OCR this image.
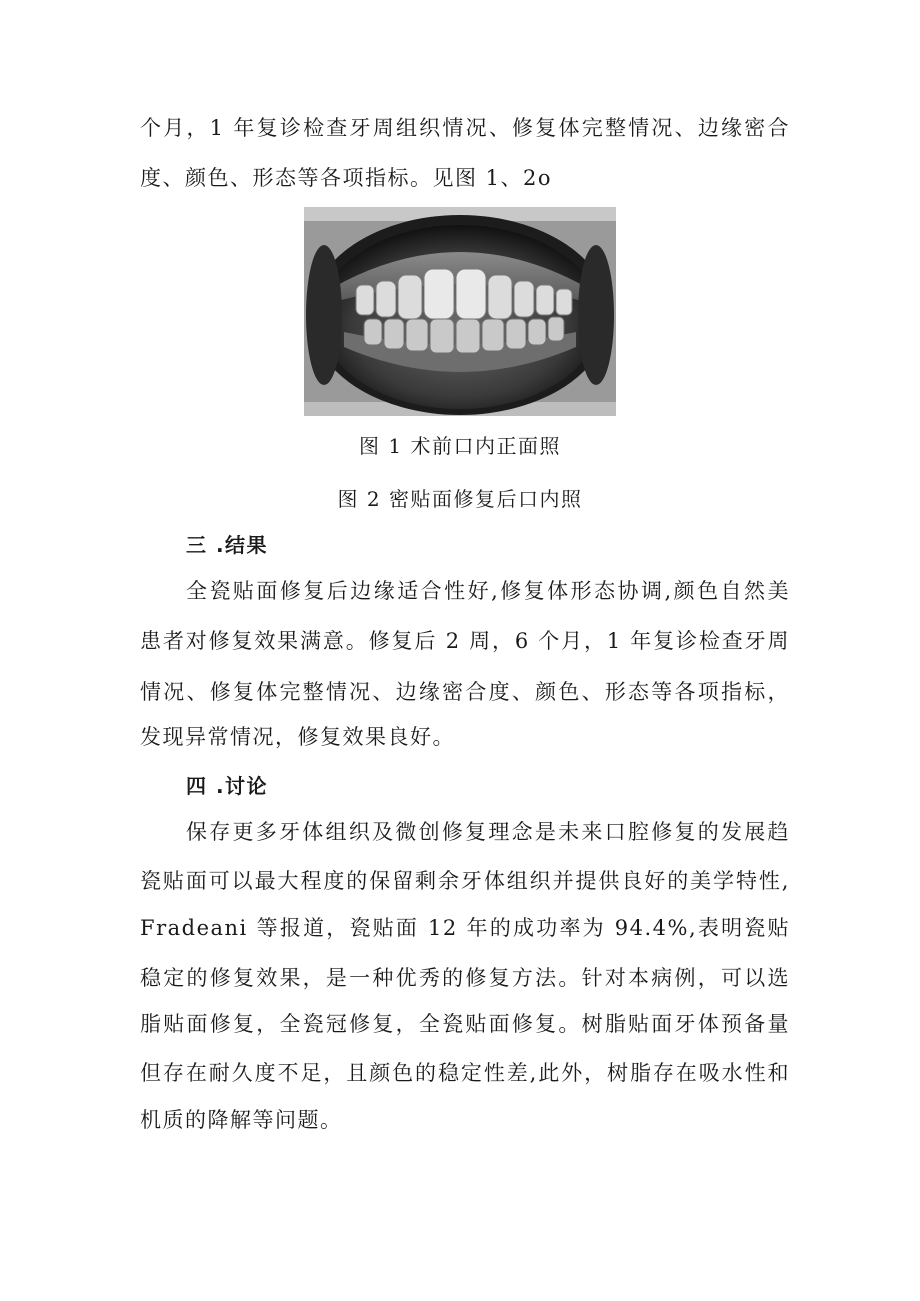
个月，1 年复诊检查牙周组织情况、修复体完整情况、边缘密合
度、颜色、形态等各项指标。见图 1、2o
图 1 术前口内正面照
图 2 密贴面修复后口内照
三 .结果
全瓷贴面修复后边缘适合性好,修复体形态协调,颜色自然美
患者对修复效果满意。修复后 2 周，6 个月，1 年复诊检查牙周
情况、修复体完整情况、边缘密合度、颜色、形态等各项指标，
发现异常情况，修复效果良好。
四 .讨论
保存更多牙体组织及微创修复理念是未来口腔修复的发展趋
瓷贴面可以最大程度的保留剩余牙体组织并提供良好的美学特性,
Fradeani 等报道，瓷贴面 12 年的成功率为 94.4%,表明瓷贴
稳定的修复效果，是一种优秀的修复方法。针对本病例，可以选
脂贴面修复，全瓷冠修复，全瓷贴面修复。树脂贴面牙体预备量
但存在耐久度不足，且颜色的稳定性差,此外，树脂存在吸水性和
机质的降解等问题。
